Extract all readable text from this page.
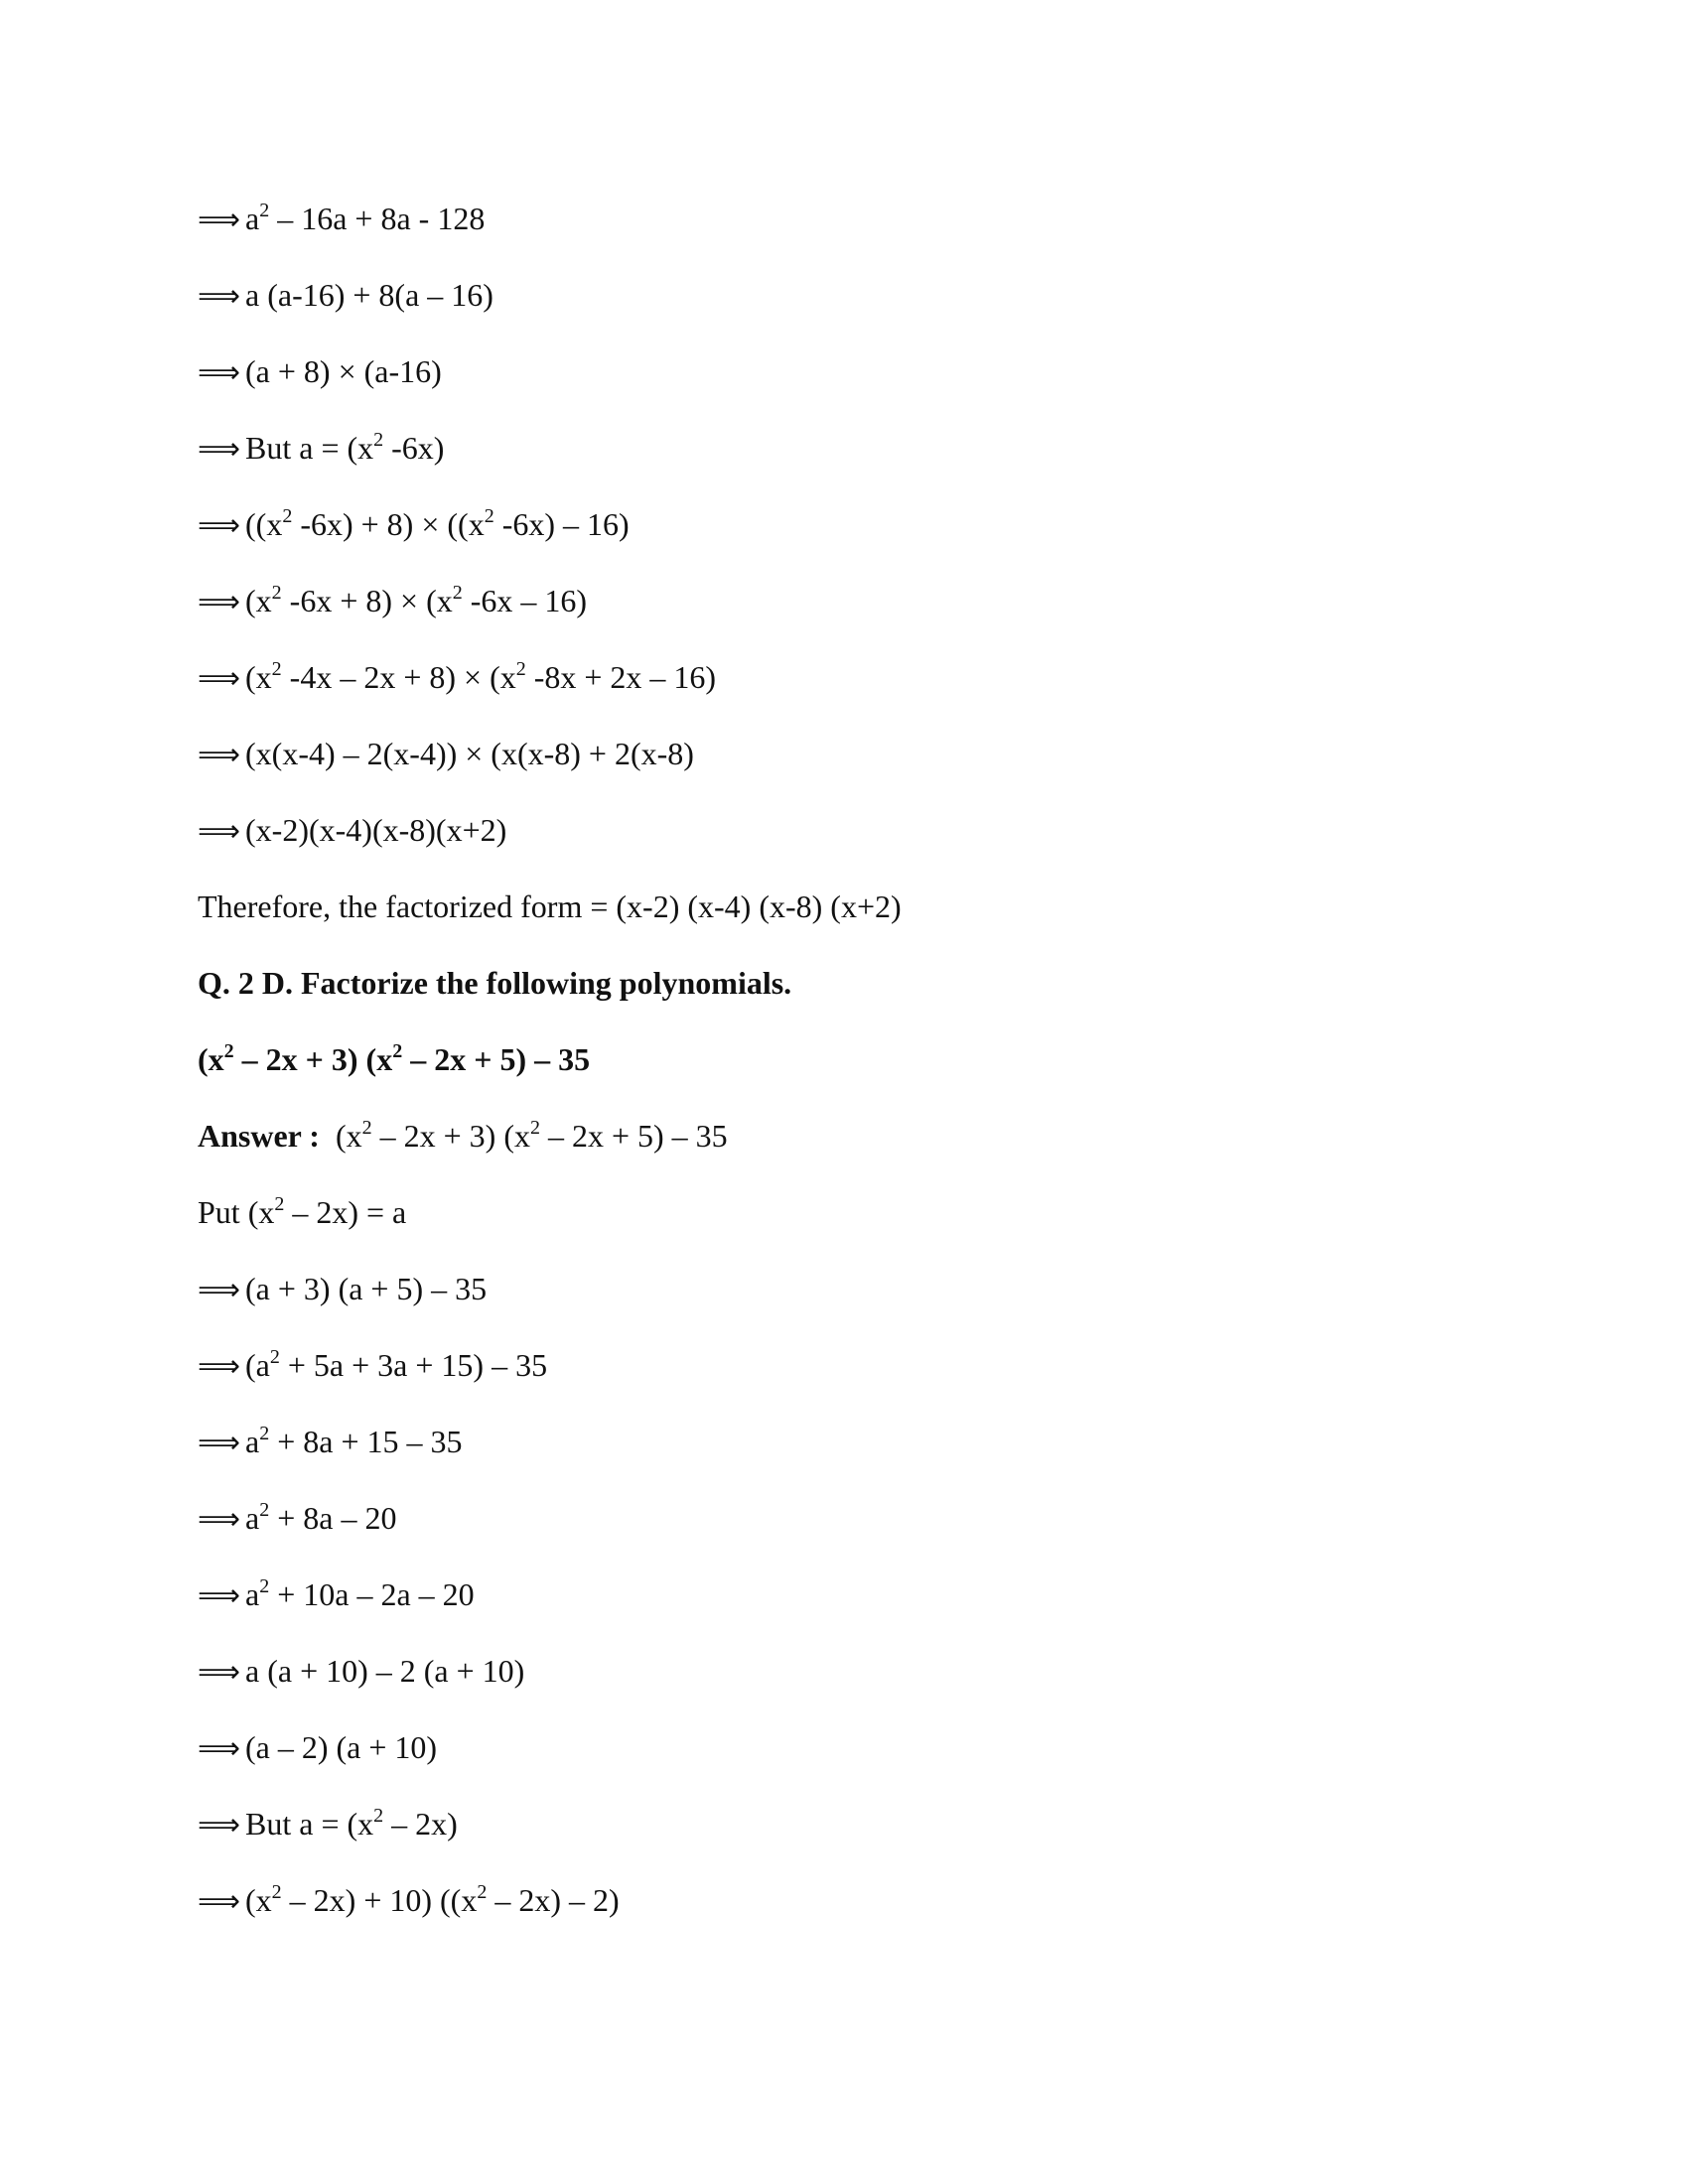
⟹ $a^2 - 16a + 8a - 128$
⟹ a (a-16) + 8(a – 16)
⟹ (a + 8) × (a-16)
⟹ But $a = (x^2$ -6x)
⟹ (($x^2$ $-6x) + 8) \times ((x^2$ -6x) – 16)
⟹ ($x^2$ $-6x + 8) \times (x^2$ -6x – 16)
⟹ ($x^2$ $-4x - 2x + 8) \times (x^2$ -8x + 2x – 16)
⟹ (x(x-4) – 2(x-4)) × (x(x-8) + 2(x-8)
⟹ (x-2)(x-4)(x-8)(x+2)
Therefore, the factorized form = (x-2) (x-4) (x-8) (x+2)
Q. 2 D. Factorize the following polynomials.
$(x^2 - 2x + 3)$ $(x^2 - 2x + 5) - 35$
Answer : $(x^2 - 2x + 3)$ $(x^2 - 2x + 5) - 35$
Put $(x^2 - 2x) = a$
⟹ (a + 3) (a + 5) – 35
⟹ $(a^2 + 5a + 3a + 15) - 35$
⟹ $a^2 + 8a + 15 - 35$
⟹ $a^2 + 8a - 20$
⟹ $a^2 + 10a - 2a - 20$
⟹ a (a + 10) – 2 (a + 10)
⟹ (a – 2) (a + 10)
⟹ But $a = (x^2 - 2x)$
⟹ $(x^2 - 2x) + 10$) $((x^2 - 2x) - 2)$
